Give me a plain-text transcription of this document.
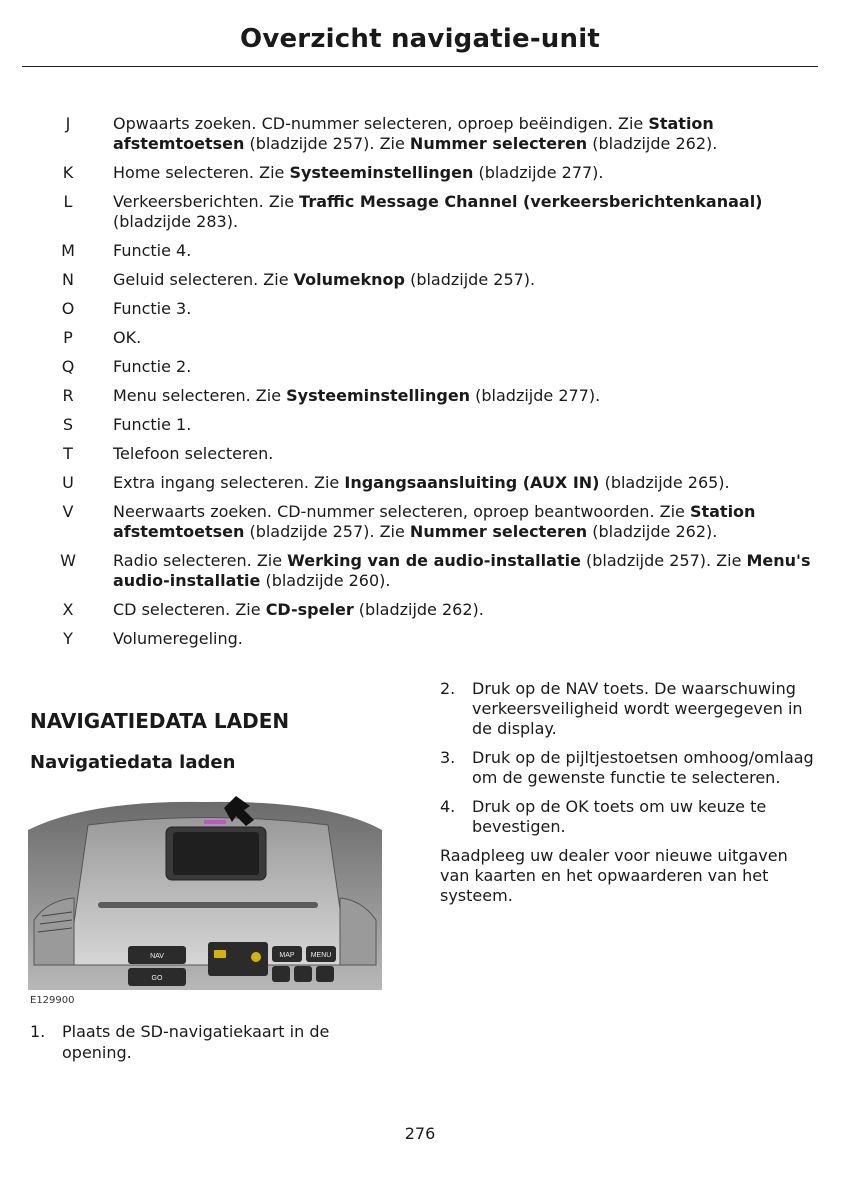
Overzicht navigatie-unit
J	Opwaarts zoeken. CD-nummer selecteren, oproep beëindigen. Zie Station afstemtoetsen (bladzijde 257). Zie Nummer selecteren (bladzijde 262).
K	Home selecteren. Zie Systeeminstellingen (bladzijde 277).
L	Verkeersberichten. Zie Traffic Message Channel (verkeersberichtenkanaal) (bladzijde 283).
M	Functie 4.
N	Geluid selecteren. Zie Volumeknop (bladzijde 257).
O	Functie 3.
P	OK.
Q	Functie 2.
R	Menu selecteren. Zie Systeeminstellingen (bladzijde 277).
S	Functie 1.
T	Telefoon selecteren.
U	Extra ingang selecteren. Zie Ingangsaansluiting (AUX IN) (bladzijde 265).
V	Neerwaarts zoeken. CD-nummer selecteren, oproep beantwoorden. Zie Station afstemtoetsen (bladzijde 257). Zie Nummer selecteren (bladzijde 262).
W Radio selecteren. Zie Werking van de audio-installatie (bladzijde 257). Zie Menu's audio-installatie (bladzijde 260).
X	CD selecteren. Zie CD-speler (bladzijde 262).
Y	Volumeregeling.
NAVIGATIEDATA LADEN
Navigatiedata laden
NAV
GO
MAP MENU
E129900
1. Plaats de SD-navigatiekaart in de opening.
2. Druk op de NAV toets. De waarschuwing verkeersveiligheid wordt weergegeven in de display.
3. Druk op de pijltjestoetsen omhoog/omlaag om de gewenste functie te selecteren.
4. Druk op de OK toets om uw keuze te bevestigen.
Raadpleeg uw dealer voor nieuwe uitgaven van kaarten en het opwaarderen van het systeem.
276
